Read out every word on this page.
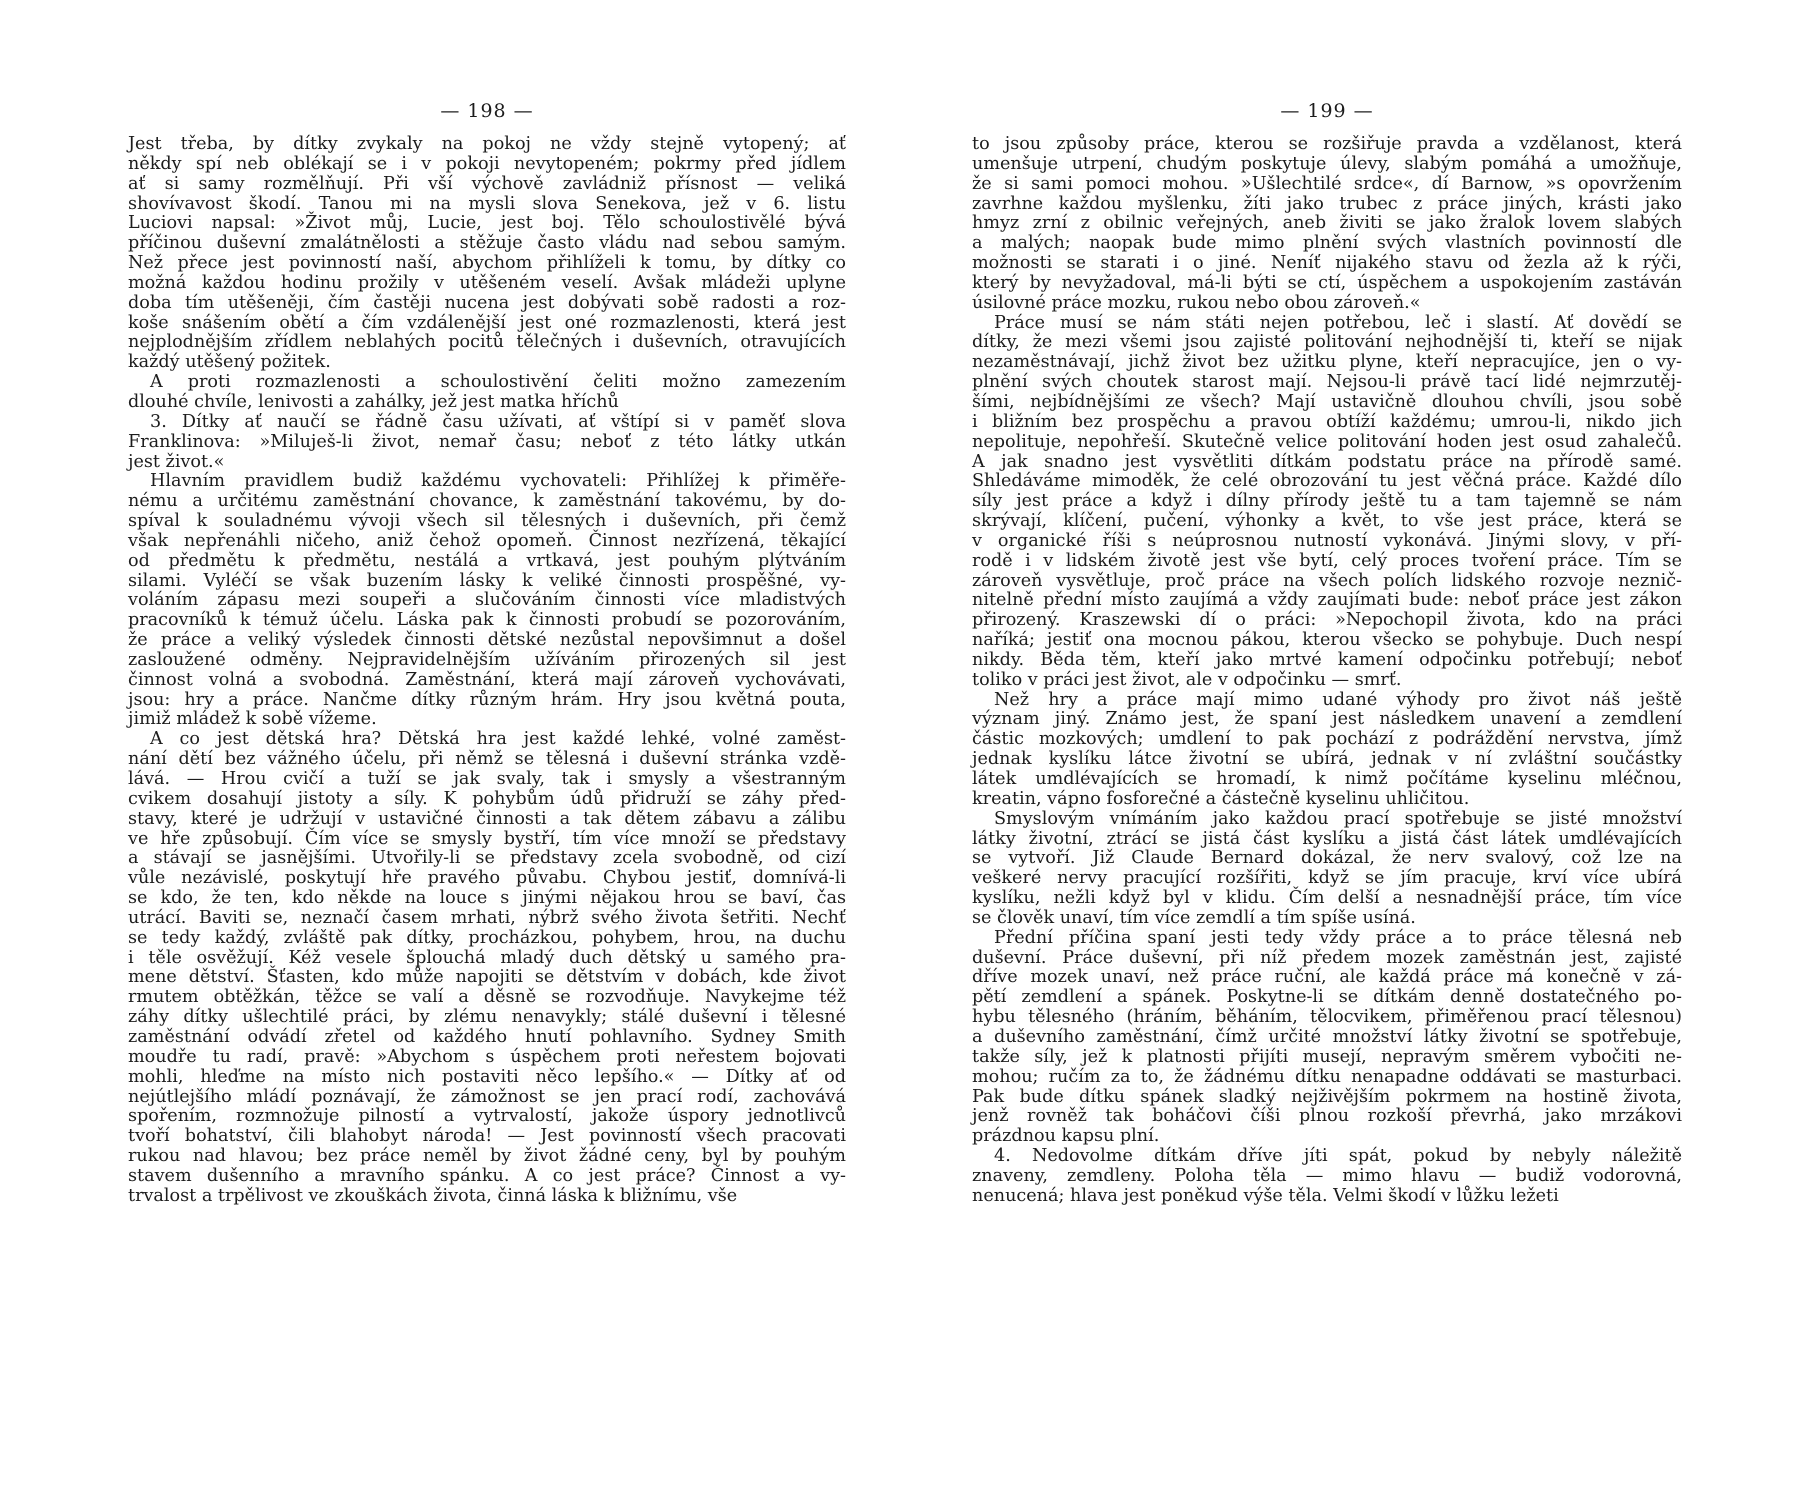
— 198 —

Jest třeba, by dítky zvykaly na pokoj ne vždy stejně vytopený; ať

někdy spí neb oblékají se i v pokoji nevytopeném; pokrmy před jídlem

ať si samy rozmělňují. Při vší výchově zavládniž přísnost — veliká

shovívavost škodí. Tanou mi na mysli slova Senekova, jež v 6. listu

Luciovi napsal: »Život můj, Lucie, jest boj. Tělo schoulostivělé bývá

příčinou duševní zmalátnělosti a stěžuje často vládu nad sebou samým.

Než přece jest povinností naší, abychom přihlíželi k tomu, by dítky co

možná každou hodinu prožily v utěšeném veselí. Avšak mládeži uplyne

doba tím utěšeněji, čím častěji nucena jest dobývati sobě radosti a roz-

koše snášením obětí a čím vzdálenější jest oné rozmazlenosti, která jest

nejplodnějším zřídlem neblahých pocitů tělečných i duševních, otravujících

každý utěšený požitek.

A proti rozmazlenosti a schoulostivění čeliti možno zamezením

dlouhé chvíle, lenivosti a zahálky, jež jest matka hříchů

3. Dítky ať naučí se řádně času užívati, ať vštípí si v paměť slova

Franklinova: »Miluješ-li život, nemař času; neboť z této látky utkán

jest život.«

Hlavním pravidlem budiž každému vychovateli: Přihlížej k přiměře-

nému a určitému zaměstnání chovance, k zaměstnání takovému, by do-

spíval k souladnému vývoji všech sil tělesných i duševních, při čemž

však nepřenáhli ničeho, aniž čehož opomeň. Činnost nezřízená, těkající

od předmětu k předmětu, nestálá a vrtkavá, jest pouhým plýtváním

silami. Vyléčí se však buzením lásky k veliké činnosti prospěšné, vy-

voláním zápasu mezi soupeři a slučováním činnosti více mladistvých

pracovníků k témuž účelu. Láska pak k činnosti probudí se pozorováním,

že práce a veliký výsledek činnosti dětské nezůstal nepovšimnut a došel

zasloužené odměny. Nejpravidelnějším užíváním přirozených sil jest

činnost volná a svobodná. Zaměstnání, která mají zároveň vychovávati,

jsou: hry a práce. Nančme dítky různým hrám. Hry jsou květná pouta,

jimiž mládež k sobě vížeme.

A co jest dětská hra? Dětská hra jest každé lehké, volné zaměst-

nání dětí bez vážného účelu, při němž se tělesná i duševní stránka vzdě-

lává. — Hrou cvičí a tuží se jak svaly, tak i smysly a všestranným

cvikem dosahují jistoty a síly. K pohybům údů přidruží se záhy před-

stavy, které je udržují v ustavičné činnosti a tak dětem zábavu a zálibu

ve hře způsobují. Čím více se smysly bystří, tím více množí se představy

a stávají se jasnějšími. Utvořily-li se představy zcela svobodně, od cizí

vůle nezávislé, poskytují hře pravého půvabu. Chybou jestiť, domnívá-li

se kdo, že ten, kdo někde na louce s jinými nějakou hrou se baví, čas

utrácí. Baviti se, neznačí časem mrhati, nýbrž svého života šetřiti. Nechť

se tedy každý, zvláště pak dítky, procházkou, pohybem, hrou, na duchu

i těle osvěžují. Kéž vesele šplouchá mladý duch dětský u samého pra-

mene dětství. Šťasten, kdo může napojiti se dětstvím v dobách, kde život

rmutem obtěžkán, těžce se valí a děsně se rozvodňuje. Navykejme též

záhy dítky ušlechtilé práci, by zlému nenavykly; stálé duševní i tělesné

zaměstnání odvádí zřetel od každého hnutí pohlavního. Sydney Smith

moudře tu radí, pravě: »Abychom s úspěchem proti neřestem bojovati

mohli, hleďme na místo nich postaviti něco lepšího.« — Dítky ať od

nejútlejšího mládí poznávají, že zámožnost se jen prací rodí, zachovává

spořením, rozmnožuje pilností a vytrvalostí, jakože úspory jednotlivců

tvoří bohatství, čili blahobyt národa! — Jest povinností všech pracovati

rukou nad hlavou; bez práce neměl by život žádné ceny, byl by pouhým

stavem dušenního a mravního spánku. A co jest práce? Činnost a vy-

trvalost a trpělivost ve zkouškách života, činná láska k bližnímu, vše

— 199 —

to jsou způsoby práce, kterou se rozšiřuje pravda a vzdělanost, která

umenšuje utrpení, chudým poskytuje úlevy, slabým pomáhá a umožňuje,

že si sami pomoci mohou. »Ušlechtilé srdce«, dí Barnow, »s opovržením

zavrhne každou myšlenku, žíti jako trubec z práce jiných, krásti jako

hmyz zrní z obilnic veřejných, aneb živiti se jako žralok lovem slabých

a malých; naopak bude mimo plnění svých vlastních povinností dle

možnosti se starati i o jiné. Neníť nijakého stavu od žezla až k rýči,

který by nevyžadoval, má-li býti se ctí, úspěchem a uspokojením zastáván

úsilovné práce mozku, rukou nebo obou zároveň.«

Práce musí se nám státi nejen potřebou, leč i slastí. Ať dovědí se

dítky, že mezi všemi jsou zajisté politování nejhodnější ti, kteří se nijak

nezaměstnávají, jichž život bez užitku plyne, kteří nepracujíce, jen o vy-

plnění svých choutek starost mají. Nejsou-li právě tací lidé nejmrzutěj-

šími, nejbídnějšími ze všech? Mají ustavičně dlouhou chvíli, jsou sobě

i bližním bez prospěchu a pravou obtíží každému; umrou-li, nikdo jich

nepolituje, nepohřeší. Skutečně velice politování hoden jest osud zahalečů.

A jak snadno jest vysvětliti dítkám podstatu práce na přírodě samé.

Shledáváme mimoděk, že celé obrozování tu jest věčná práce. Každé dílo

síly jest práce a když i dílny přírody ještě tu a tam tajemně se nám

skrývají, klíčení, pučení, výhonky a květ, to vše jest práce, která se

v organické říši s neúprosnou nutností vykonává. Jinými slovy, v pří-

rodě i v lidském životě jest vše bytí, celý proces tvoření práce. Tím se

zároveň vysvětluje, proč práce na všech polích lidského rozvoje neznič-

nitelně přední místo zaujímá a vždy zaujímati bude: neboť práce jest zákon

přirozený. Kraszewski dí o práci: »Nepochopil života, kdo na práci

naříká; jestiť ona mocnou pákou, kterou všecko se pohybuje. Duch nespí

nikdy. Běda těm, kteří jako mrtvé kamení odpočinku potřebují; neboť

toliko v práci jest život, ale v odpočinku — smrť.

Než hry a práce mají mimo udané výhody pro život náš ještě

význam jiný. Známo jest, že spaní jest následkem unavení a zemdlení

částic mozkových; umdlení to pak pochází z podráždění nervstva, jímž

jednak kyslíku látce životní se ubírá, jednak v ní zvláštní součástky

látek umdlévajících se hromadí, k nimž počítáme kyselinu mléčnou,

kreatin, vápno fosforečné a částečně kyselinu uhličitou.

Smyslovým vnímáním jako každou prací spotřebuje se jisté množství

látky životní, ztrácí se jistá část kyslíku a jistá část látek umdlévajících

se vytvoří. Již Claude Bernard dokázal, že nerv svalový, což lze na

veškeré nervy pracující rozšířiti, když se jím pracuje, krví více ubírá

kyslíku, nežli když byl v klidu. Čím delší a nesnadnější práce, tím více

se člověk unaví, tím více zemdlí a tím spíše usíná.

Přední příčina spaní jesti tedy vždy práce a to práce tělesná neb

duševní. Práce duševní, při níž předem mozek zaměstnán jest, zajisté

dříve mozek unaví, než práce ruční, ale každá práce má konečně v zá-

pětí zemdlení a spánek. Poskytne-li se dítkám denně dostatečného po-

hybu tělesného (hráním, běháním, tělocvikem, přiměřenou prací tělesnou)

a duševního zaměstnání, čímž určité množství látky životní se spotřebuje,

takže síly, jež k platnosti přijíti musejí, nepravým směrem vybočiti ne-

mohou; ručím za to, že žádnému dítku nenapadne oddávati se masturbaci.

Pak bude dítku spánek sladký nejživějším pokrmem na hostině života,

jenž rovněž tak boháčovi číši plnou rozkoší převrhá, jako mrzákovi

prázdnou kapsu plní.

4. Nedovolme dítkám dříve jíti spát, pokud by nebyly náležitě

znaveny, zemdleny. Poloha těla — mimo hlavu — budiž vodorovná,

nenucená; hlava jest poněkud výše těla. Velmi škodí v lůžku ležeti
